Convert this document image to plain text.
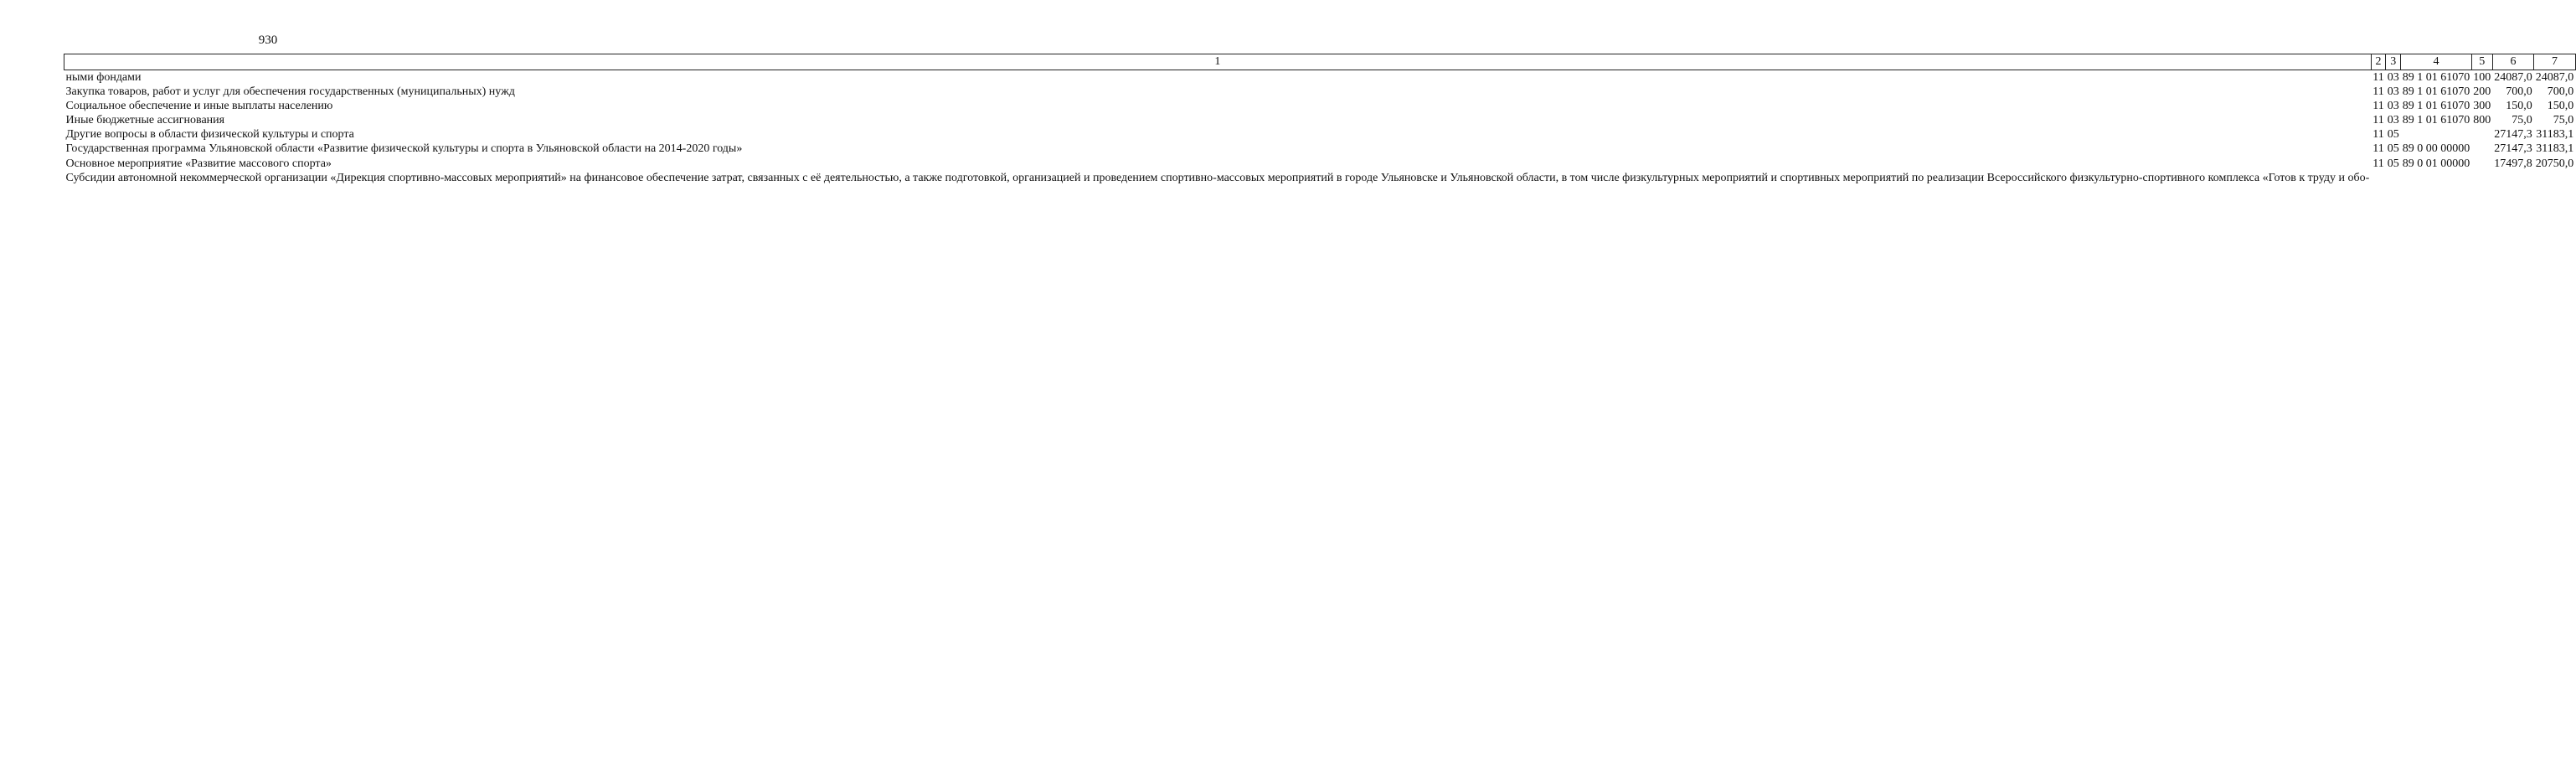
930
1	2	3	4	5	6	7
ными фондами	11	03	89 1 01 61070	100	24087,0	24087,0
Закупка товаров, работ и услуг для обеспечения государственных (муниципальных) нужд	11	03	89 1 01 61070	200	700,0	700,0
Социальное обеспечение и иные выплаты населению	11	03	89 1 01 61070	300	150,0	150,0
Иные бюджетные ассигнования	11	03	89 1 01 61070	800	75,0	75,0
Другие вопросы в области физической культуры и спорта	11	05			27147,3	31183,1
Государственная программа Ульяновской области «Развитие физической культуры и спорта в Ульяновской области на 2014-2020 годы»	11	05	89 0 00 00000		27147,3	31183,1
Основное мероприятие «Развитие массового спорта»	11	05	89 0 01 00000		17497,8	20750,0
Субсидии автономной некоммерческой организации «Дирекция спортивно-массовых мероприятий» на финансовое обеспечение затрат, связанных с её деятельностью, а также подготовкой, организацией и проведением спортивно-массовых мероприятий в городе Ульяновске и Ульяновской области, в том числе физкультурных мероприятий и спортивных мероприятий по реализации Всероссийского физкультурно-спортивного комплекса «Готов к труду и обо-						
